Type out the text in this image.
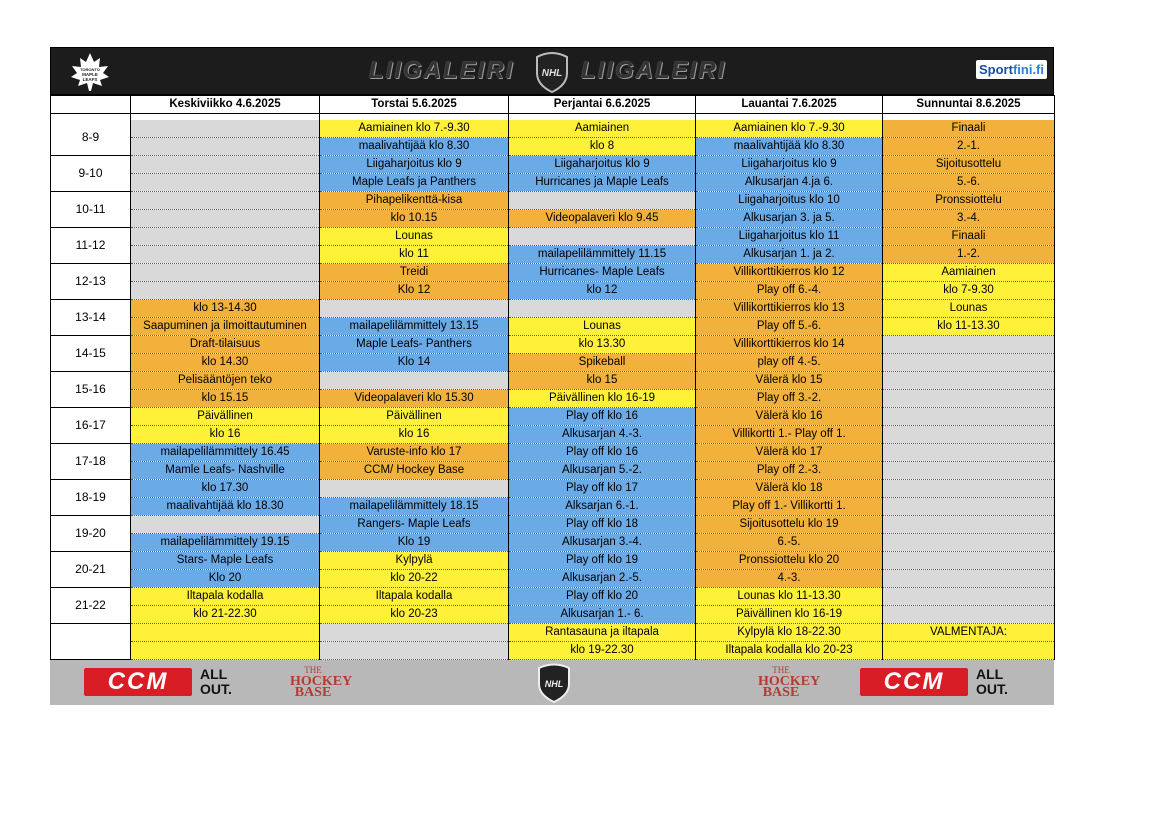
TORONTO
MAPLE
LEAFS	LIIGALEIRI	NHL LIIGALEIRI	Sportfini.fi
	Keskiviikko 4.6.2025	Torstai 5.6.2025	Perjantai 6.6.2025	Lauantai 7.6.2025	Sunnuntai 8.6.2025

8-9		Aamiainen klo 7.-9.30	Aamiainen	Aamiainen klo 7.-9.30	Finaali
		maalivahtijää klo 8.30	klo 8	maalivahtijää klo 8.30	2.-1.
9-10		Liigaharjoitus klo 9	Liigaharjoitus klo 9	Liigaharjoitus klo 9	Sijoitusottelu
		Maple Leafs ja Panthers	Hurricanes ja Maple Leafs	Alkusarjan 4.ja 6.	5.-6.
10-11		Pihapelikenttä-kisa		Liigaharjoitus klo 10	Pronssiottelu
		klo 10.15	Videopalaveri klo 9.45	Alkusarjan 3. ja 5.	3.-4.
11-12		Lounas		Liigaharjoitus klo 11	Finaali
		klo 11	mailapelilämmittely 11.15	Alkusarjan 1. ja 2.	1.-2.
12-13		Treidi	Hurricanes- Maple Leafs	Villikorttikierros klo 12	Aamiainen
		Klo 12	klo 12	Play off 6.-4.	klo 7-9.30
13-14	klo 13-14.30			Villikorttikierros klo 13	Lounas
	Saapuminen ja ilmoittautuminen	mailapelilämmittely 13.15	Lounas	Play off 5.-6.	klo 11-13.30
14-15	Draft-tilaisuus	Maple Leafs- Panthers	klo 13.30	Villikorttikierros klo 14	
	klo 14.30	Klo 14	Spikeball	play off 4.-5.	
15-16	Pelisääntöjen teko		klo 15	Välerä klo 15	
	klo 15.15	Videopalaveri klo 15.30	Päivällinen klo 16-19	Play off 3.-2.	
16-17	Päivällinen	Päivällinen	Play off klo 16	Välerä klo 16	
	klo 16	klo 16	Alkusarjan 4.-3.	Villikortti 1.- Play off 1.	
17-18	mailapelilämmittely 16.45	Varuste-info klo 17	Play off klo 16	Välerä klo 17	
	Mamle Leafs- Nashville	CCM/ Hockey Base	Alkusarjan 5.-2.	Play off 2.-3.	
18-19	klo 17.30		Play off klo 17	Välerä klo 18	
	maalivahtijää klo 18.30	mailapelilämmittely 18.15	Alksarjan 6.-1.	Play off 1.- Villikortti 1.	
19-20		Rangers- Maple Leafs	Play off klo 18	Sijoitusottelu klo 19	
	mailapelilämmittely 19.15	Klo 19	Alkusarjan 3.-4.	6.-5.	
20-21	Stars- Maple Leafs	Kylpylä	Play off klo 19	Pronssiottelu klo 20	
	Klo 20	klo 20-22	Alkusarjan 2.-5.	4.-3.	
21-22	Iltapala kodalla	Iltapala kodalla	Play off klo 20	Lounas klo 11-13.30	
	klo 21-22.30	klo 20-23	Alkusarjan 1.- 6.	Päivällinen klo 16-19	
			Rantasauna ja iltapala	Kylpylä klo 18-22.30	VALMENTAJA:
			klo 19-22.30	Iltapala kodalla klo 20-23	
CCM	ALL
OUT.
THE
HOCKEY
BASE
NHL
THE
HOCKEY
BASE	CCM	ALL
OUT.
